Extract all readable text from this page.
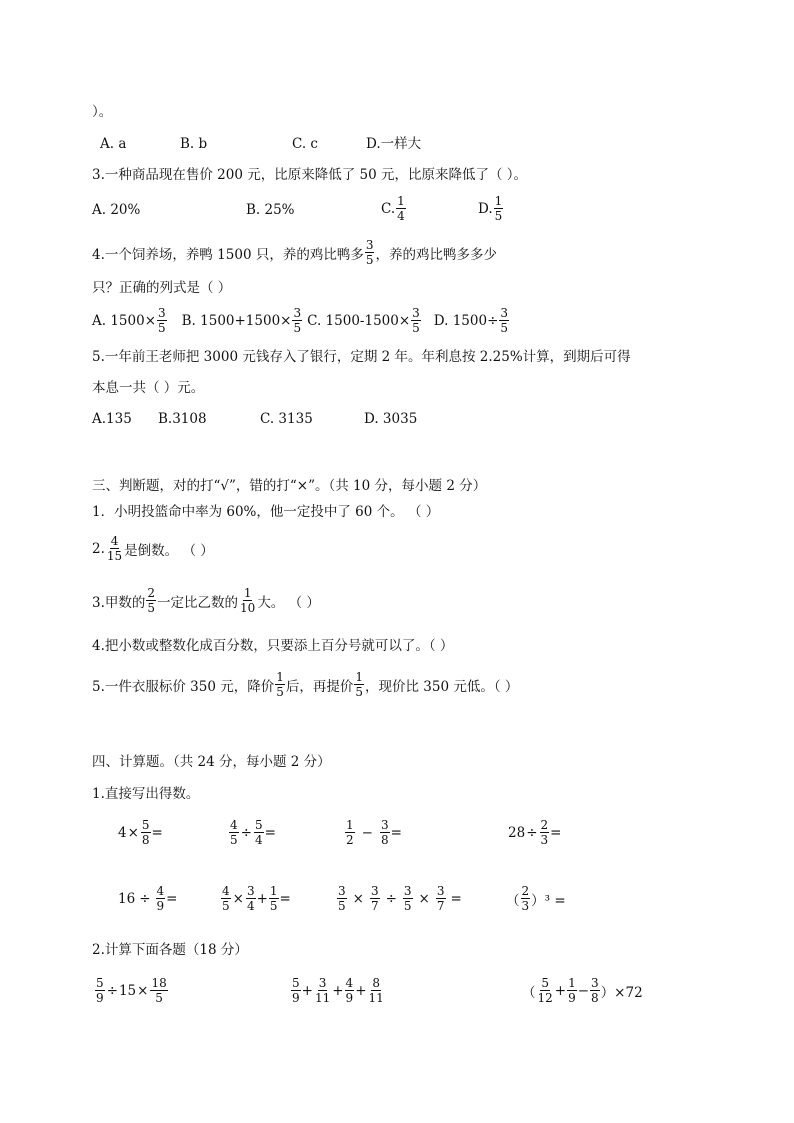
）。
A. a	B. b	C. c	D.一样大
3.一种商品现在售价 200 元，比原来降低了 50 元，比原来降低了（ ）。
A. 20%	B. 25%	C. $\frac{1}{4}$	D. $\frac{1}{5}$
4.一个饲养场，养鸭 1500 只，养的鸡比鸭多 $\frac{3}{5}$ ，养的鸡比鸭多多少
只？正确的列式是（ ）
A. $1500\times \frac{3}{5} B$. $1500+1500\times \frac{3}{5} C$. $1500-1500\times \frac{3}{5} D$. $1500\div \frac{3}{5}$
5.一年前王老师把 3000 元钱存入了银行，定期 2 年。年利息按 2.25%计算，到期后可得
本息一共（ ）元。
A.135 B.3108	C. 3135	D. 3035
三、判断题，对的打“√”，错的打“×”。（共 10 分，每小题 2 分）
1．小明投篮命中率为 60%，他一定投中了 60 个。 （ ）
2. $\frac{4}{15}$ 是倒数。 （ ）
3.甲数的 $\frac{2}{5}$ 一定比乙数的 $\frac{1}{10}$ 大。 （ ）
4.把小数或整数化成百分数，只要添上百分号就可以了。（ ）
5.一件衣服标价 350 元，降价 $\frac{1}{5}$ 后，再提价 $\frac{1}{5}$ ，现价比 350 元低。（ ）
四、计算题。（共 24 分，每小题 2 分）
1.直接写出得数。
$4 \times \frac{5}{8}$ =	$\frac{4}{5} \div \frac{5}{4}$ =	$\frac{1}{2} - \frac{3}{8}$ =	$28 \div \frac{2}{3}$ =
$16 \div \frac{4}{9}$ =	$\frac{4}{5} \times \frac{3}{4} + \frac{1}{5}$ =	$\frac{3}{5} \times \frac{3}{7} \div \frac{3}{5} \times \frac{3}{7}$ =	（ $\frac{2}{3} )^3$ =
2.计算下面各题（18 分）
$\frac{5}{9} \div 15 \times \frac{18}{5}$	$\frac{5}{9} + \frac{3}{11} + \frac{4}{9} + \frac{8}{11}$	（ $\frac{5}{12} + \frac{1}{9} - \frac{3}{8} )\times 72$
